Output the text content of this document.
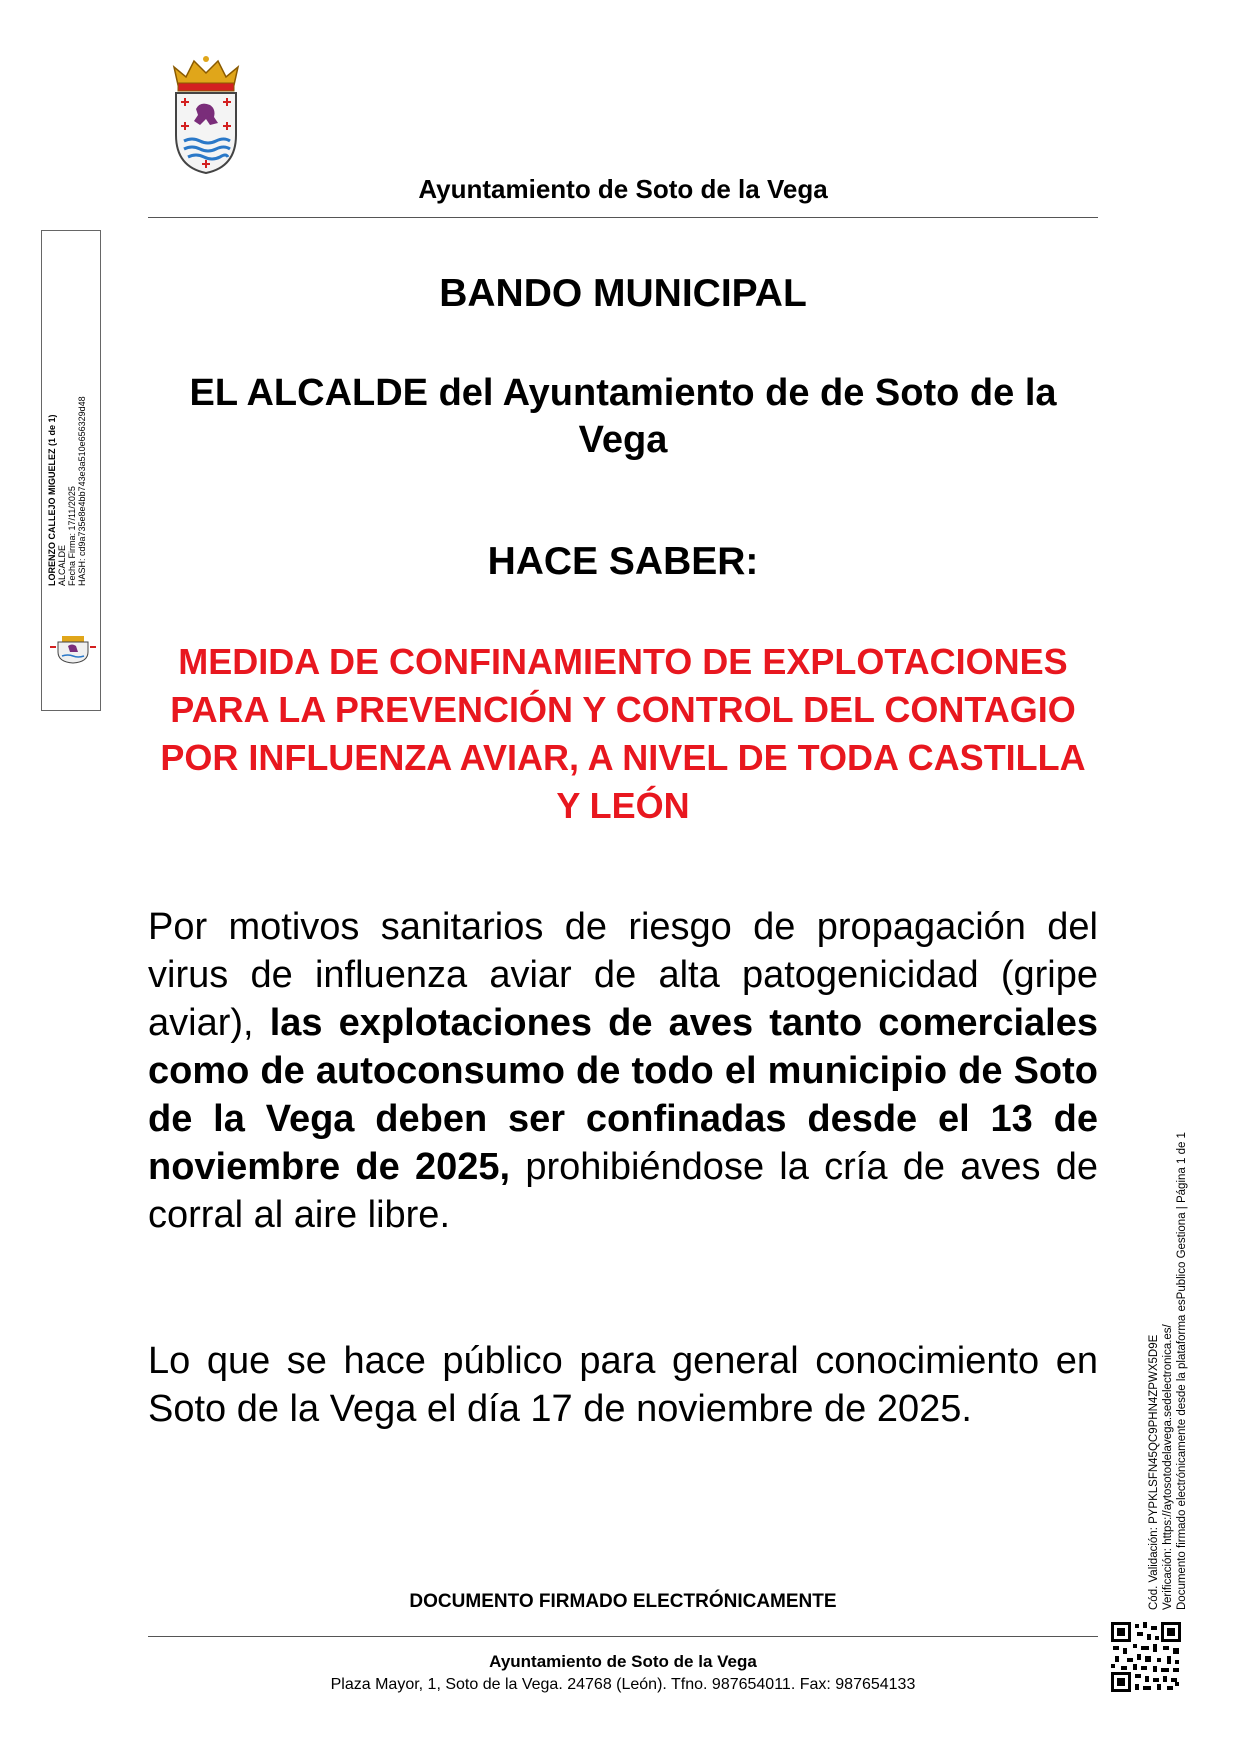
Ayuntamiento de Soto de la Vega
LORENZO CALLEJO MIGUELEZ (1 de 1) ALCALDE Fecha Firma: 17/11/2025 HASH: cd9a735e8e4bb743e3a510e656329d48
BANDO MUNICIPAL
EL ALCALDE del Ayuntamiento de de Soto de la Vega
HACE SABER:
MEDIDA DE CONFINAMIENTO DE EXPLOTACIONES PARA LA PREVENCIÓN Y CONTROL DEL CONTAGIO POR INFLUENZA AVIAR, A NIVEL DE TODA CASTILLA Y LEÓN
Por motivos sanitarios de riesgo de propagación del virus de influenza aviar de alta patogenicidad (gripe aviar), las explotaciones de aves tanto comerciales como de autoconsumo de todo el municipio de Soto de la Vega deben ser confinadas desde el 13 de noviembre de 2025, prohibiéndose la cría de aves de corral al aire libre.
Lo que se hace público para general conocimiento en Soto de la Vega el día 17 de noviembre de 2025.
DOCUMENTO FIRMADO ELECTRÓNICAMENTE
Ayuntamiento de Soto de la Vega
Plaza Mayor, 1, Soto de la Vega. 24768 (León). Tfno. 987654011. Fax: 987654133
Cód. Validación: PYPKLSFN45QC9PHN4ZPWX5D9E Verificación: https://aytosotodelavega.sedelectronica.es/ Documento firmado electrónicamente desde la plataforma esPublico Gestiona | Página 1 de 1
